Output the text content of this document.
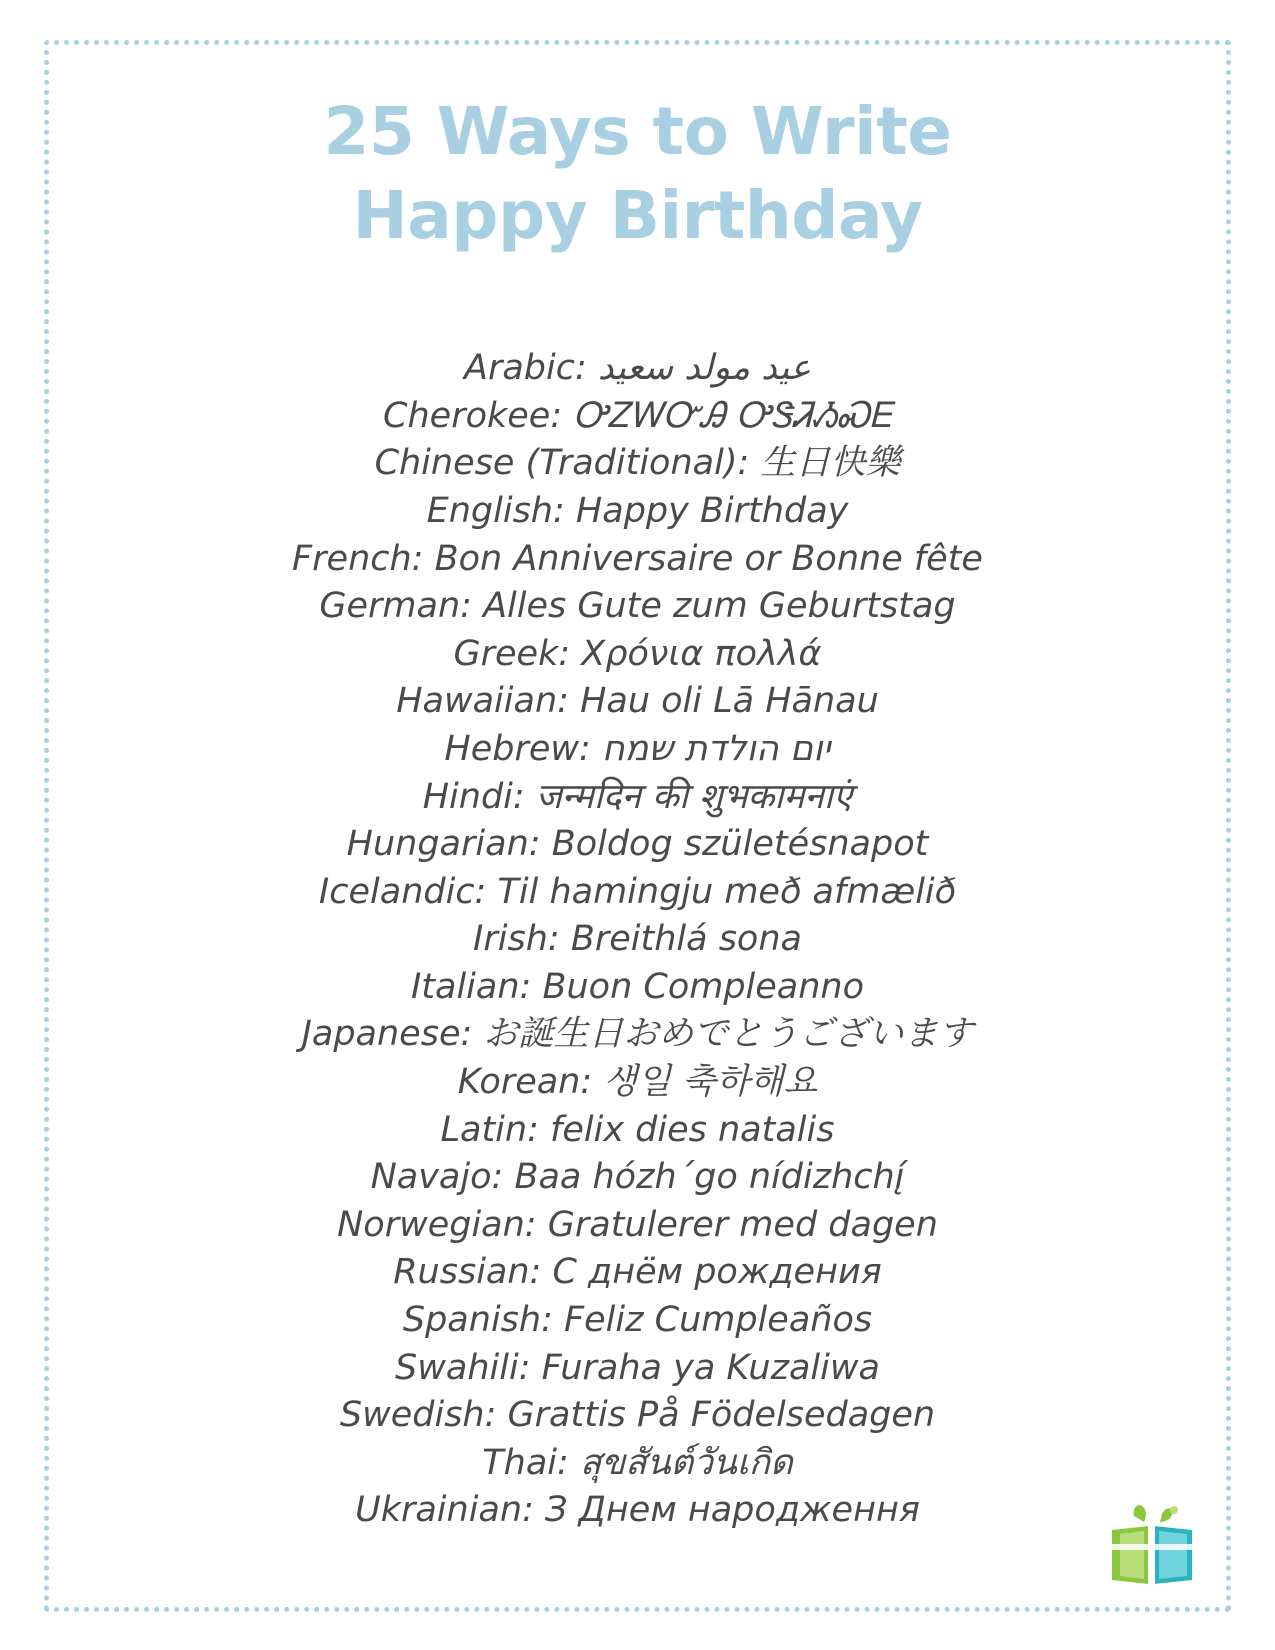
25 Ways to Write
Happy Birthday
Arabic: عيد مولد سعيد
Cherokee: ᎤᏃᎳᏅᎯ ᎤᏕᏘᏱᏍᎬ
Chinese (Traditional): 生日快樂
English: Happy Birthday
French: Bon Anniversaire or Bonne fête
German: Alles Gute zum Geburtstag
Greek: Χρόνια πολλά
Hawaiian: Hau oli Lā Hānau
Hebrew: יום הולדת שמח
Hindi: जन्मदिन की शुभकामनाएं
Hungarian: Boldog születésnapot
Icelandic: Til hamingju með afmælið
Irish: Breithlá sona
Italian: Buon Compleanno
Japanese: お誕生日おめでとうございます
Korean: 생일 축하해요
Latin: felix dies natalis
Navajo: Baa hózh´go nídizhchį́
Norwegian: Gratulerer med dagen
Russian: С днём рождения
Spanish: Feliz Cumpleaños
Swahili: Furaha ya Kuzaliwa
Swedish: Grattis På Födelsedagen
Thai: สุขสันต์วันเกิด
Ukrainian: З Днем народження
